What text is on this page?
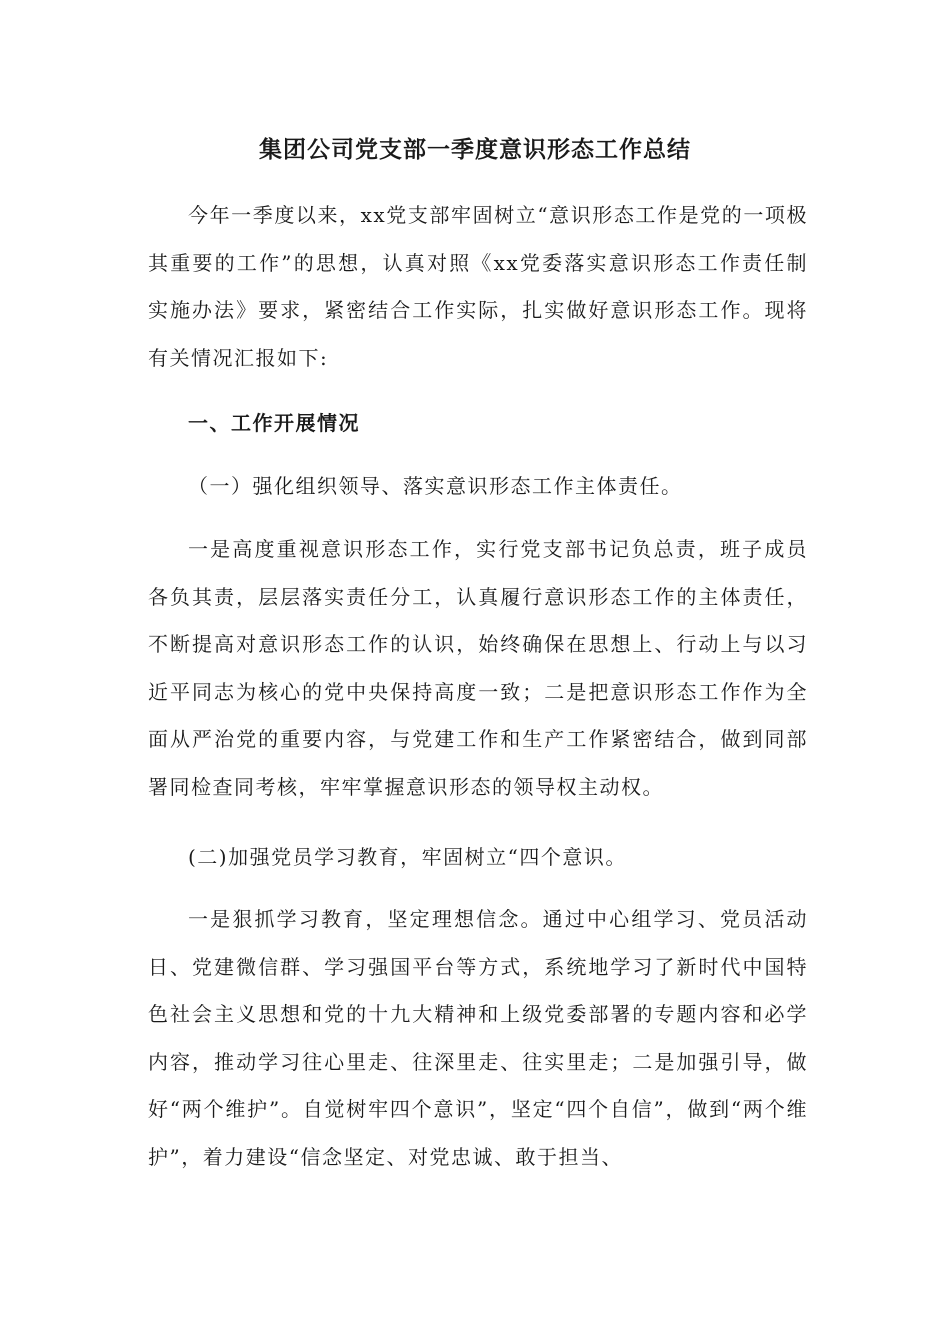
集团公司党支部一季度意识形态工作总结
今年一季度以来，xx党支部牢固树立“意识形态工作是党的一项极其重要的工作”的思想，认真对照《xx党委落实意识形态工作责任制实施办法》要求，紧密结合工作实际，扎实做好意识形态工作。现将有关情况汇报如下:
一、工作开展情况
（一）强化组织领导、落实意识形态工作主体责任。
一是高度重视意识形态工作，实行党支部书记负总责，班子成员各负其责，层层落实责任分工，认真履行意识形态工作的主体责任，不断提高对意识形态工作的认识，始终确保在思想上、行动上与以习近平同志为核心的党中央保持高度一致；二是把意识形态工作作为全面从严治党的重要内容，与党建工作和生产工作紧密结合，做到同部署同检查同考核，牢牢掌握意识形态的领导权主动权。
(二)加强党员学习教育，牢固树立“四个意识。
一是狠抓学习教育，坚定理想信念。通过中心组学习、党员活动日、党建微信群、学习强国平台等方式，系统地学习了新时代中国特色社会主义思想和党的十九大精神和上级党委部署的专题内容和必学内容，推动学习往心里走、往深里走、往实里走；二是加强引导，做好“两个维护”。自觉树牢四个意识”，坚定“四个自信”，做到“两个维护”，着力建设“信念坚定、对党忠诚、敢于担当、
